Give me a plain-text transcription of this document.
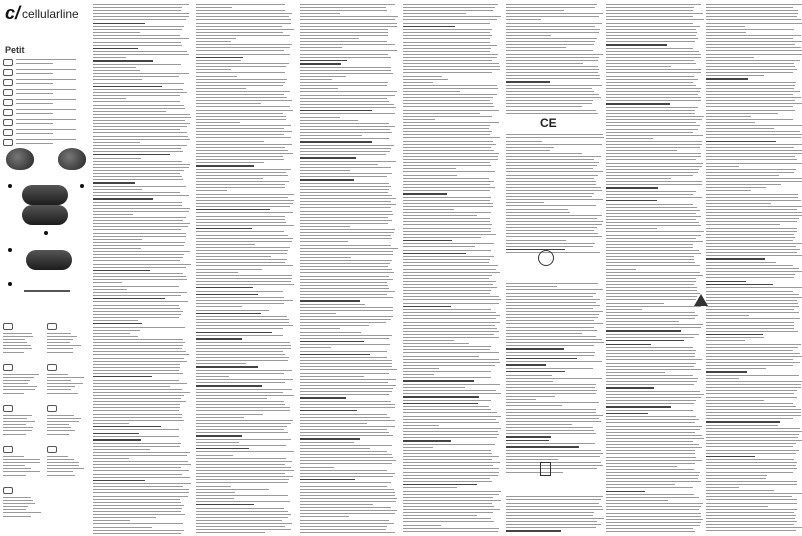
c/ cellularline
Petit
CE
